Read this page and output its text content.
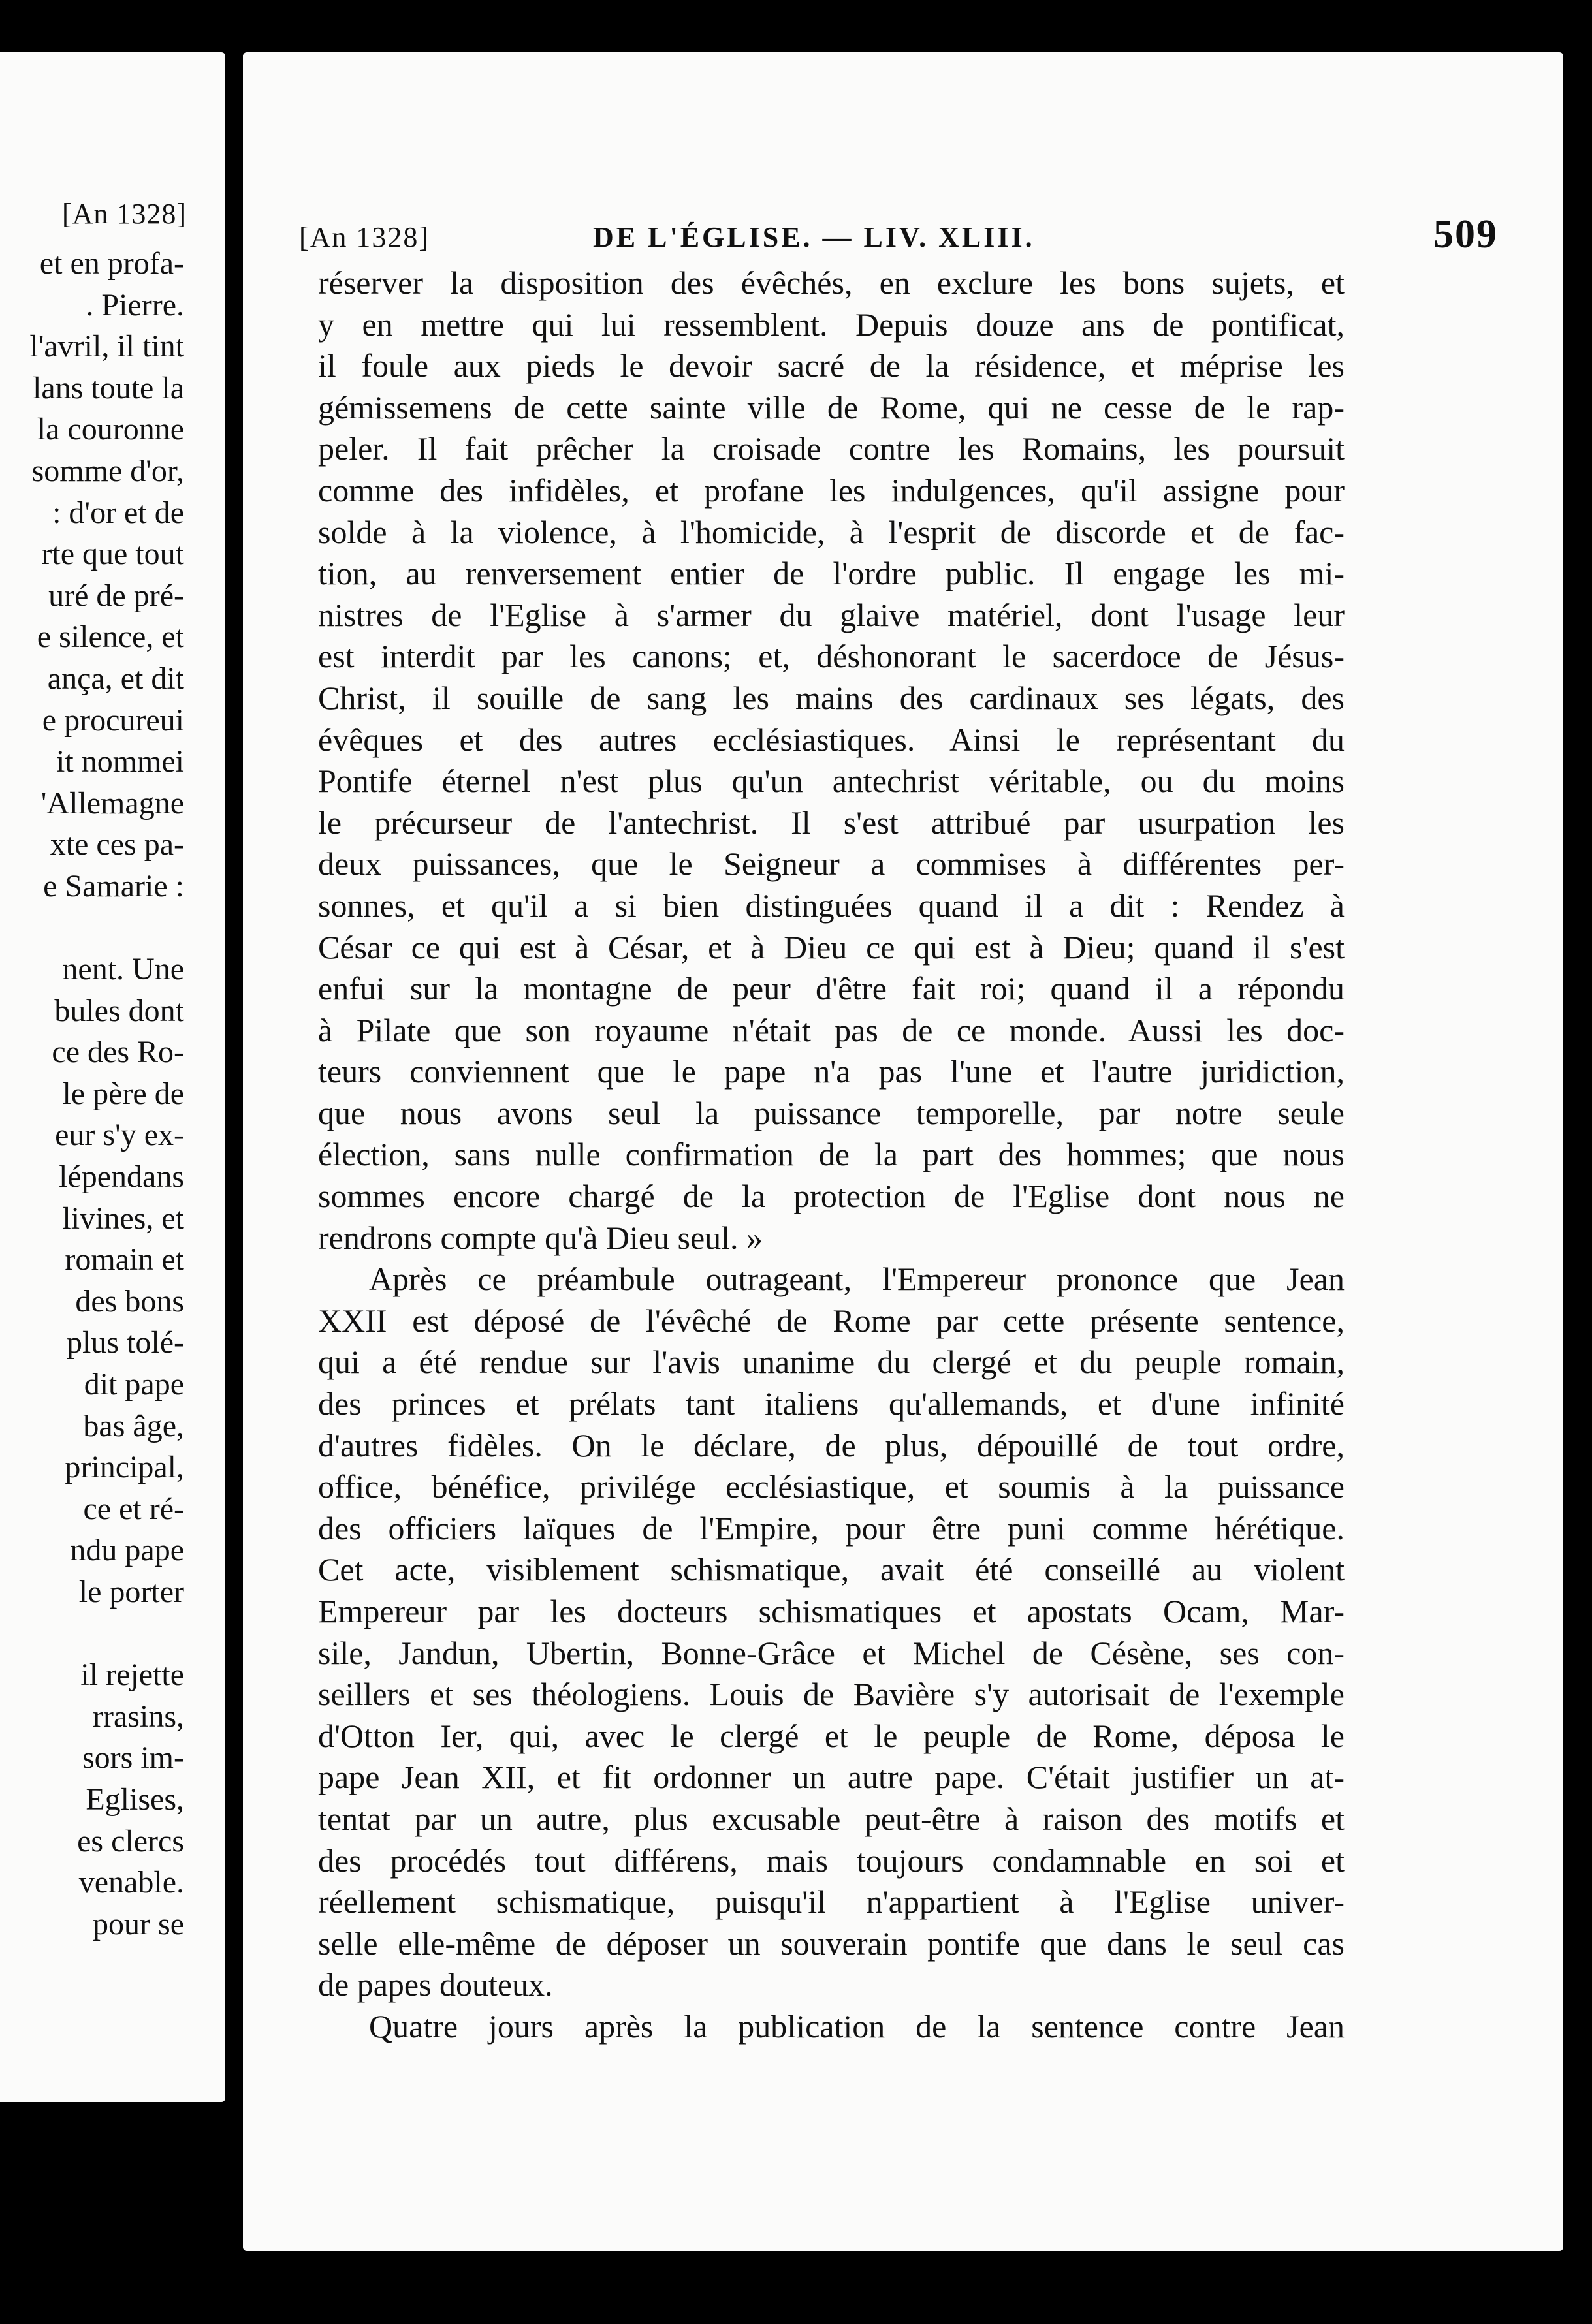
[An 1328]
et en profa-
. Pierre.
l'avril, il tint
lans toute la
la couronne
somme d'or,
: d'or et de
rte que tout
uré de pré-
e silence, et
ança, et dit
e procureui
it nommei
'Allemagne
xte ces pa-
e Samarie :
nent. Une
bules dont
ce des Ro-
le père de
eur s'y ex-
lépendans
livines, et
romain et
des bons
plus tolé-
dit pape
bas âge,
principal,
ce et ré-
ndu pape
le porter
il rejette
rrasins,
sors im-
Eglises,
es clercs
venable.
pour se
[An 1328]	DE L'ÉGLISE. — LIV. XLIII.	509
réserver la disposition des évêchés, en exclure les bons sujets, et
y en mettre qui lui ressemblent. Depuis douze ans de pontificat,
il foule aux pieds le devoir sacré de la résidence, et méprise les
gémissemens de cette sainte ville de Rome, qui ne cesse de le rap-
peler. Il fait prêcher la croisade contre les Romains, les poursuit
comme des infidèles, et profane les indulgences, qu'il assigne pour
solde à la violence, à l'homicide, à l'esprit de discorde et de fac-
tion, au renversement entier de l'ordre public. Il engage les mi-
nistres de l'Eglise à s'armer du glaive matériel, dont l'usage leur
est interdit par les canons; et, déshonorant le sacerdoce de Jésus-
Christ, il souille de sang les mains des cardinaux ses légats, des
évêques et des autres ecclésiastiques. Ainsi le représentant du
Pontife éternel n'est plus qu'un antechrist véritable, ou du moins
le précurseur de l'antechrist. Il s'est attribué par usurpation les
deux puissances, que le Seigneur a commises à différentes per-
sonnes, et qu'il a si bien distinguées quand il a dit : Rendez à
César ce qui est à César, et à Dieu ce qui est à Dieu; quand il s'est
enfui sur la montagne de peur d'être fait roi; quand il a répondu
à Pilate que son royaume n'était pas de ce monde. Aussi les doc-
teurs conviennent que le pape n'a pas l'une et l'autre juridiction,
que nous avons seul la puissance temporelle, par notre seule
élection, sans nulle confirmation de la part des hommes; que nous
sommes encore chargé de la protection de l'Eglise dont nous ne
rendrons compte qu'à Dieu seul. »
Après ce préambule outrageant, l'Empereur prononce que Jean
XXII est déposé de l'évêché de Rome par cette présente sentence,
qui a été rendue sur l'avis unanime du clergé et du peuple romain,
des princes et prélats tant italiens qu'allemands, et d'une infinité
d'autres fidèles. On le déclare, de plus, dépouillé de tout ordre,
office, bénéfice, privilége ecclésiastique, et soumis à la puissance
des officiers laïques de l'Empire, pour être puni comme hérétique.
Cet acte, visiblement schismatique, avait été conseillé au violent
Empereur par les docteurs schismatiques et apostats Ocam, Mar-
sile, Jandun, Ubertin, Bonne-Grâce et Michel de Césène, ses con-
seillers et ses théologiens. Louis de Bavière s'y autorisait de l'exemple
d'Otton Ier, qui, avec le clergé et le peuple de Rome, déposa le
pape Jean XII, et fit ordonner un autre pape. C'était justifier un at-
tentat par un autre, plus excusable peut-être à raison des motifs et
des procédés tout différens, mais toujours condamnable en soi et
réellement schismatique, puisqu'il n'appartient à l'Eglise univer-
selle elle-même de déposer un souverain pontife que dans le seul cas
de papes douteux.
Quatre jours après la publication de la sentence contre Jean
